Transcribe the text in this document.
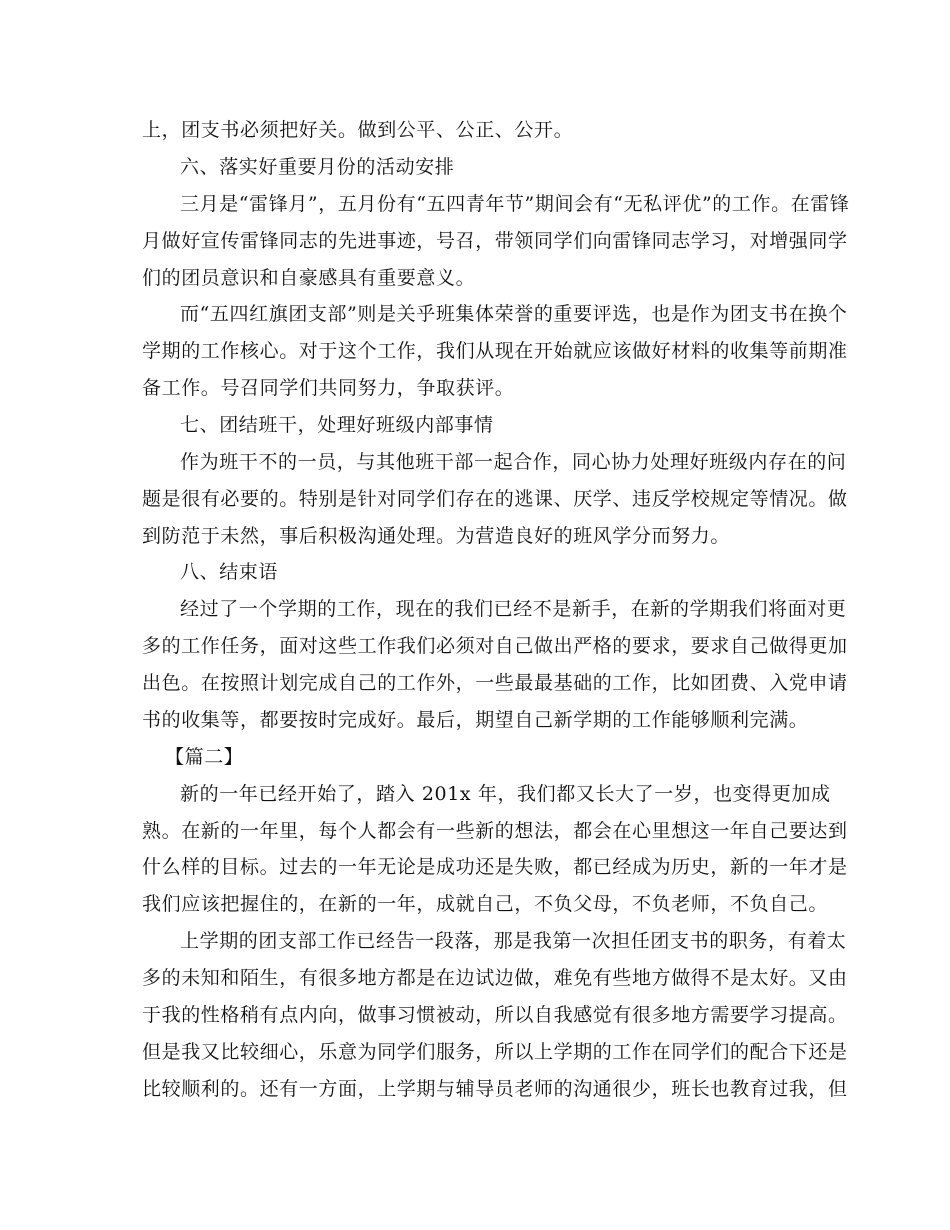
上，团支书必须把好关。做到公平、公正、公开。
六、落实好重要月份的活动安排
三月是“雷锋月”，五月份有“五四青年节”期间会有“无私评优”的工作。在雷锋
月做好宣传雷锋同志的先进事迹，号召，带领同学们向雷锋同志学习，对增强同学
们的团员意识和自豪感具有重要意义。
而“五四红旗团支部”则是关乎班集体荣誉的重要评选，也是作为团支书在换个
学期的工作核心。对于这个工作，我们从现在开始就应该做好材料的收集等前期准
备工作。号召同学们共同努力，争取获评。
七、团结班干，处理好班级内部事情
作为班干不的一员，与其他班干部一起合作，同心协力处理好班级内存在的问
题是很有必要的。特别是针对同学们存在的逃课、厌学、违反学校规定等情况。做
到防范于未然，事后积极沟通处理。为营造良好的班风学分而努力。
八、结束语
经过了一个学期的工作，现在的我们已经不是新手，在新的学期我们将面对更
多的工作任务，面对这些工作我们必须对自己做出严格的要求，要求自己做得更加
出色。在按照计划完成自己的工作外，一些最最基础的工作，比如团费、入党申请
书的收集等，都要按时完成好。最后，期望自己新学期的工作能够顺利完满。
【篇二】
新的一年已经开始了，踏入 201x 年，我们都又长大了一岁，也变得更加成
熟。在新的一年里，每个人都会有一些新的想法，都会在心里想这一年自己要达到
什么样的目标。过去的一年无论是成功还是失败，都已经成为历史，新的一年才是
我们应该把握住的，在新的一年，成就自己，不负父母，不负老师，不负自己。
上学期的团支部工作已经告一段落，那是我第一次担任团支书的职务，有着太
多的未知和陌生，有很多地方都是在边试边做，难免有些地方做得不是太好。又由
于我的性格稍有点内向，做事习惯被动，所以自我感觉有很多地方需要学习提高。
但是我又比较细心，乐意为同学们服务，所以上学期的工作在同学们的配合下还是
比较顺利的。还有一方面，上学期与辅导员老师的沟通很少，班长也教育过我，但
